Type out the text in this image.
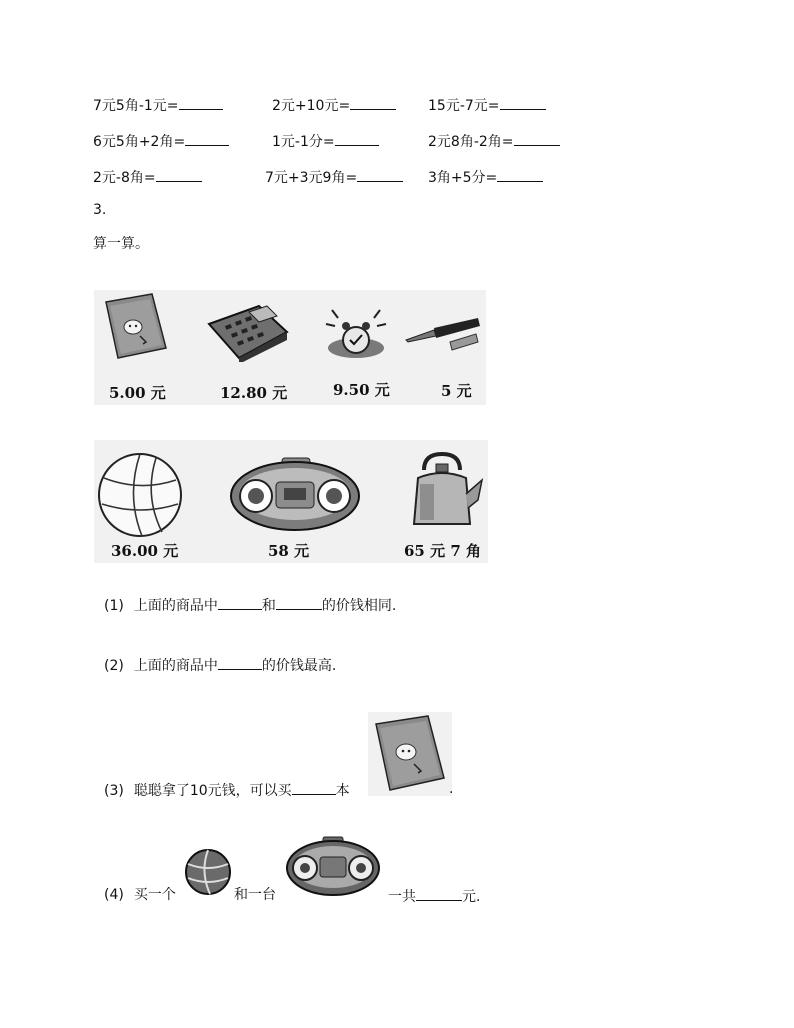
7元5角-1元=	2元+10元=	15元-7元=
6元5角+2角=	1元-1分=	2元8角-2角=
2元-8角=	7元+3元9角=	3角+5分=
3.
算一算。
5.00 元	12.80 元	9.50 元	5 元
36.00 元	58 元	65 元 7 角
(1) 上面的商品中	和	的价钱相同.
(2) 上面的商品中	的价钱最高.
(3) 聪聪拿了10元钱，可以买	本	.
(4) 买一个	和一台	一共	元.
